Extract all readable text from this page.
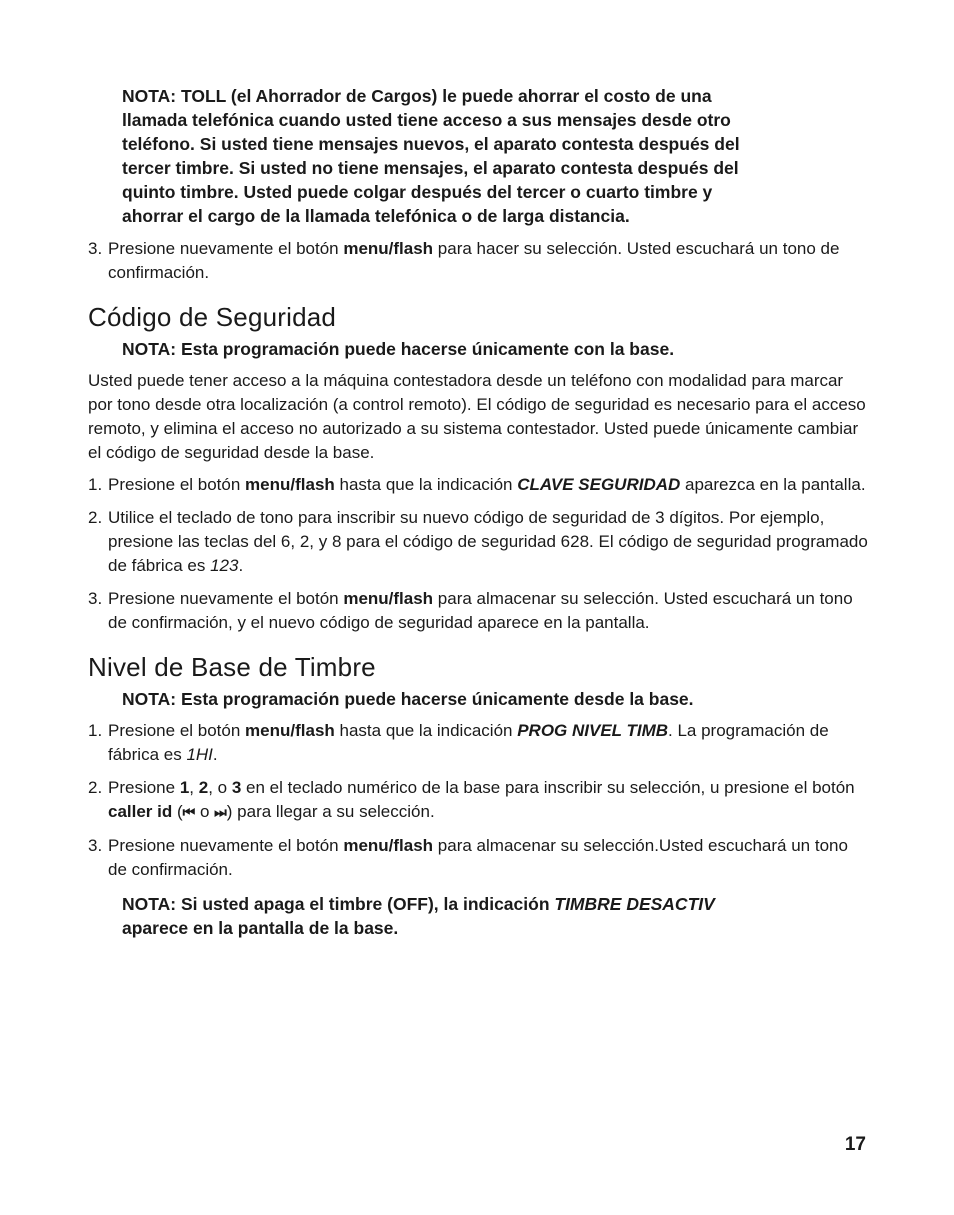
NOTA: TOLL (el Ahorrador de Cargos) le puede ahorrar el costo de una

llamada telefónica cuando usted tiene acceso a sus mensajes desde otro

teléfono. Si usted tiene mensajes nuevos, el aparato contesta después del

tercer timbre. Si usted no tiene mensajes, el aparato contesta después del

quinto timbre. Usted puede colgar después del tercer o cuarto timbre y

ahorrar el cargo de la llamada telefónica o de larga distancia.

3. Presione nuevamente el botón menu/flash para hacer su selección. Usted escuchará un tono de confirmación.
Código de Seguridad

NOTA: Esta programación puede hacerse únicamente con la base.

Usted puede tener acceso a la máquina contestadora desde un teléfono con modalidad para marcar por tono desde otra localización (a control remoto). El código de seguridad es necesario para el acceso remoto, y elimina el acceso no autorizado a su sistema contestador. Usted puede únicamente cambiar el código de seguridad desde la base.

1. Presione el botón menu/flash hasta que la indicación CLAVE SEGURIDAD aparezca en la pantalla.
2. Utilice el teclado de tono para inscribir su nuevo código de seguridad de 3 dígitos. Por ejemplo, presione las teclas del 6, 2, y 8 para el código de seguridad 628. El código de seguridad programado de fábrica es 123.
3. Presione nuevamente el botón menu/flash para almacenar su selección. Usted escuchará un tono de confirmación, y el nuevo código de seguridad aparece en la pantalla.
Nivel de Base de Timbre

NOTA: Esta programación puede hacerse únicamente desde la base.

1. Presione el botón menu/flash hasta que la indicación PROG NIVEL TIMB. La programación de fábrica es 1HI.
2. Presione 1, 2, o 3 en el teclado numérico de la base para inscribir su selección, u presione el botón caller id (⏮ o ⏭) para llegar a su selección.
3. Presione nuevamente el botón menu/flash para almacenar su selección.Usted escuchará un tono de confirmación.

NOTA: Si usted apaga el timbre (OFF), la indicación TIMBRE DESACTIV

aparece en la pantalla de la base.

17
